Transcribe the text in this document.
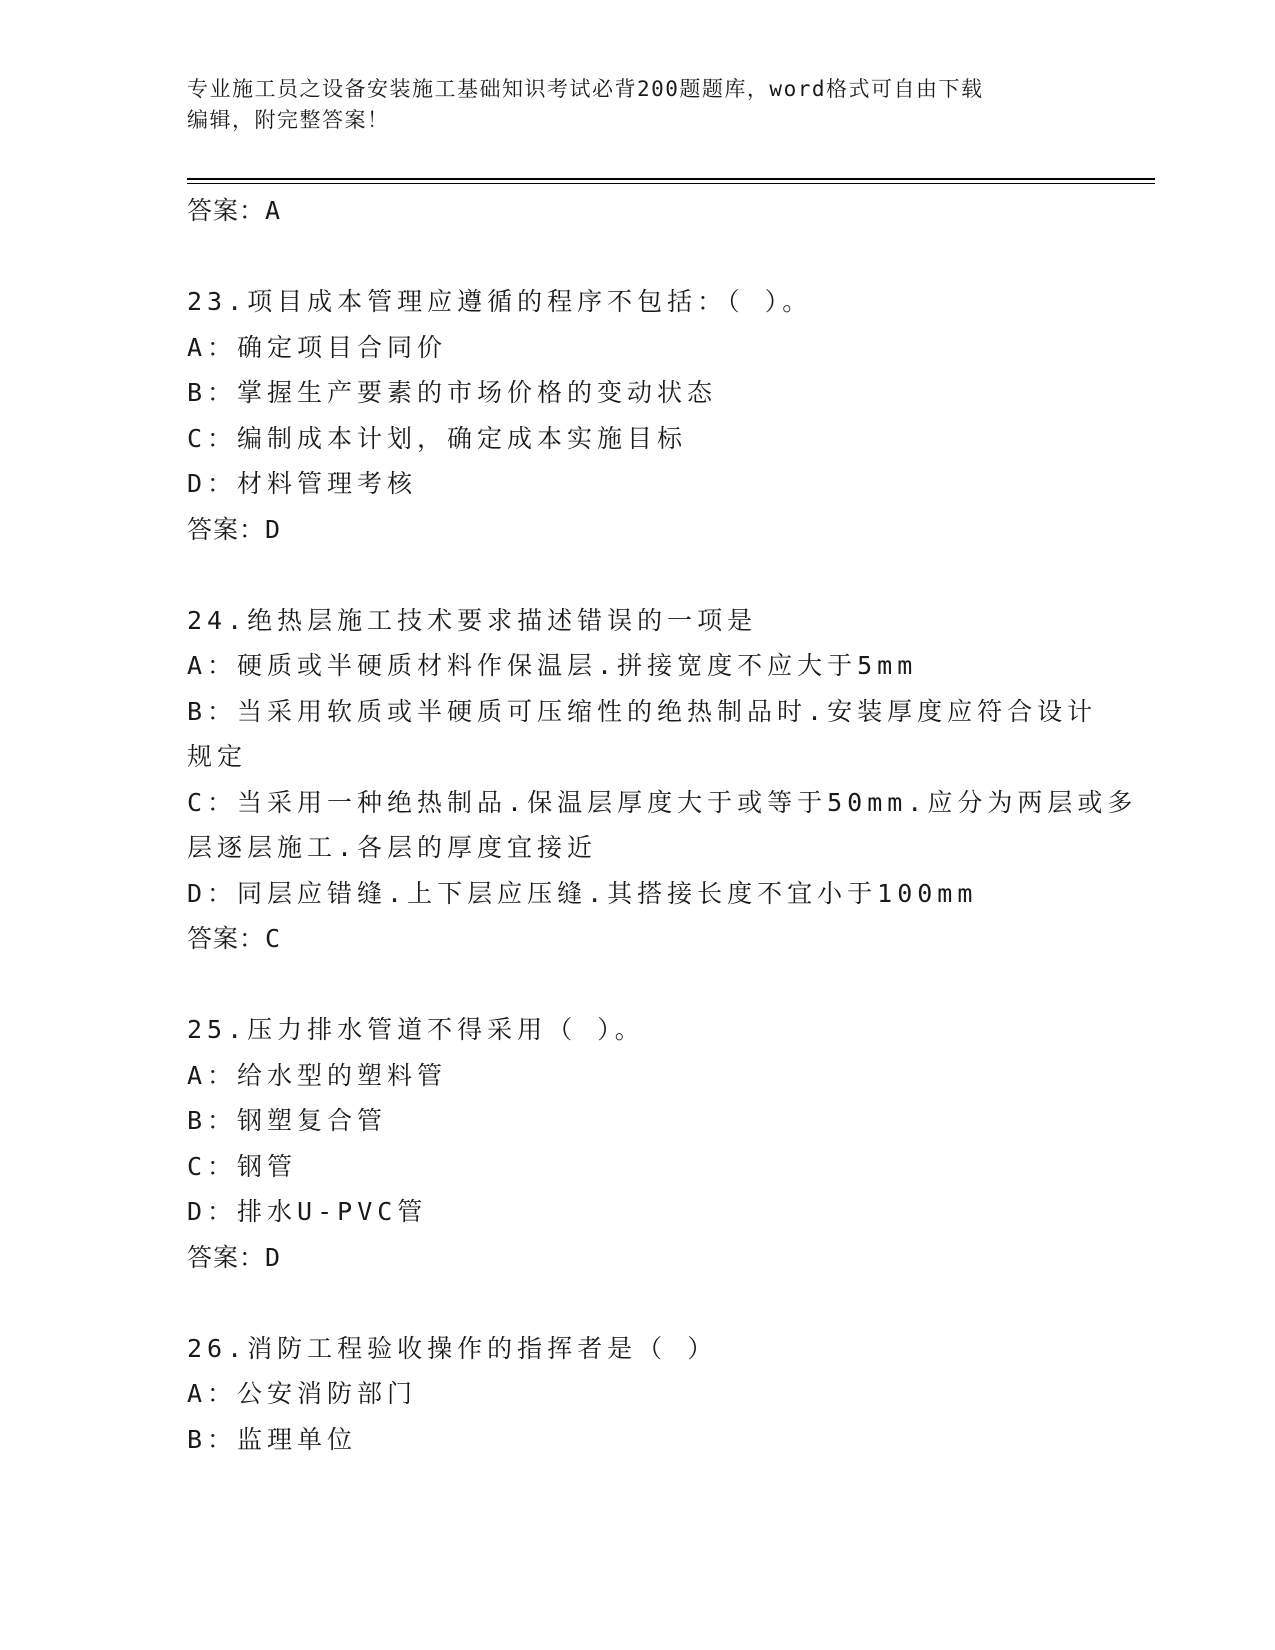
专业施工员之设备安装施工基础知识考试必背200题题库，word格式可自由下载
编辑，附完整答案！
答案：A
23.项目成本管理应遵循的程序不包括：（ ）。
A：确定项目合同价
B：掌握生产要素的市场价格的变动状态
C：编制成本计划，确定成本实施目标
D：材料管理考核
答案：D
24.绝热层施工技术要求描述错误的一项是
A：硬质或半硬质材料作保温层.拼接宽度不应大于5mm
B：当采用软质或半硬质可压缩性的绝热制品时.安装厚度应符合设计
规定
C：当采用一种绝热制品.保温层厚度大于或等于50mm.应分为两层或多
层逐层施工.各层的厚度宜接近
D：同层应错缝.上下层应压缝.其搭接长度不宜小于100mm
答案：C
25.压力排水管道不得采用（ ）。
A：给水型的塑料管
B：钢塑复合管
C：钢管
D：排水U-PVC管
答案：D
26.消防工程验收操作的指挥者是（ ）
A：公安消防部门
B：监理单位
